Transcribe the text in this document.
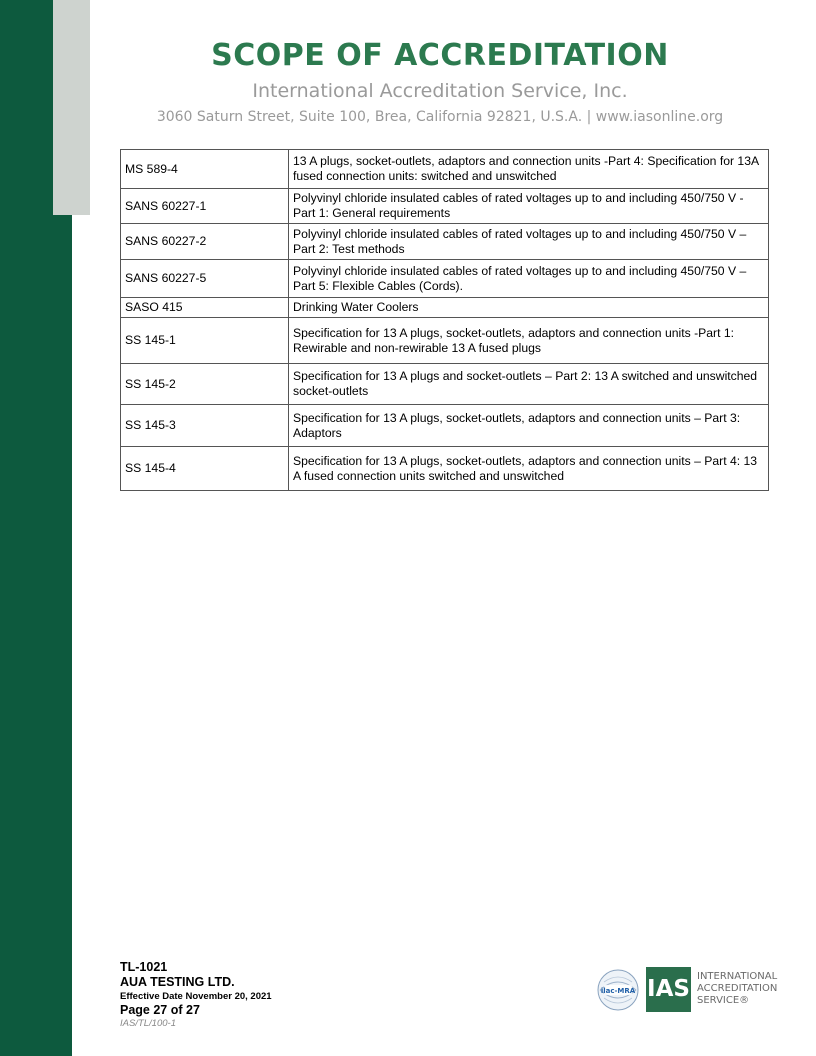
SCOPE OF ACCREDITATION
International Accreditation Service, Inc.
3060 Saturn Street, Suite 100, Brea, California 92821, U.S.A. | www.iasonline.org
MS 589-4	13 A plugs, socket-outlets, adaptors and connection units -Part 4: Specification for 13A fused connection units: switched and unswitched
SANS 60227-1	Polyvinyl chloride insulated cables of rated voltages up to and including 450/750 V - Part 1: General requirements
SANS 60227-2	Polyvinyl chloride insulated cables of rated voltages up to and including 450/750 V – Part 2: Test methods
SANS 60227-5	Polyvinyl chloride insulated cables of rated voltages up to and including 450/750 V – Part 5: Flexible Cables (Cords).
SASO 415	Drinking Water Coolers
SS 145-1	Specification for 13 A plugs, socket-outlets, adaptors and connection units -Part 1: Rewirable and non-rewirable 13 A fused plugs
SS 145-2	Specification for 13 A plugs and socket-outlets – Part 2: 13 A switched and unswitched socket-outlets
SS 145-3	Specification for 13 A plugs, socket-outlets, adaptors and connection units – Part 3: Adaptors
SS 145-4	Specification for 13 A plugs, socket-outlets, adaptors and connection units – Part 4: 13 A fused connection units switched and unswitched
TL-1021
AUA TESTING LTD.
Effective Date November 20, 2021
Page 27 of 27
IAS/TL/100-1
ilac-MRA IAS INTERNATIONAL
ACCREDITATION
SERVICE®
